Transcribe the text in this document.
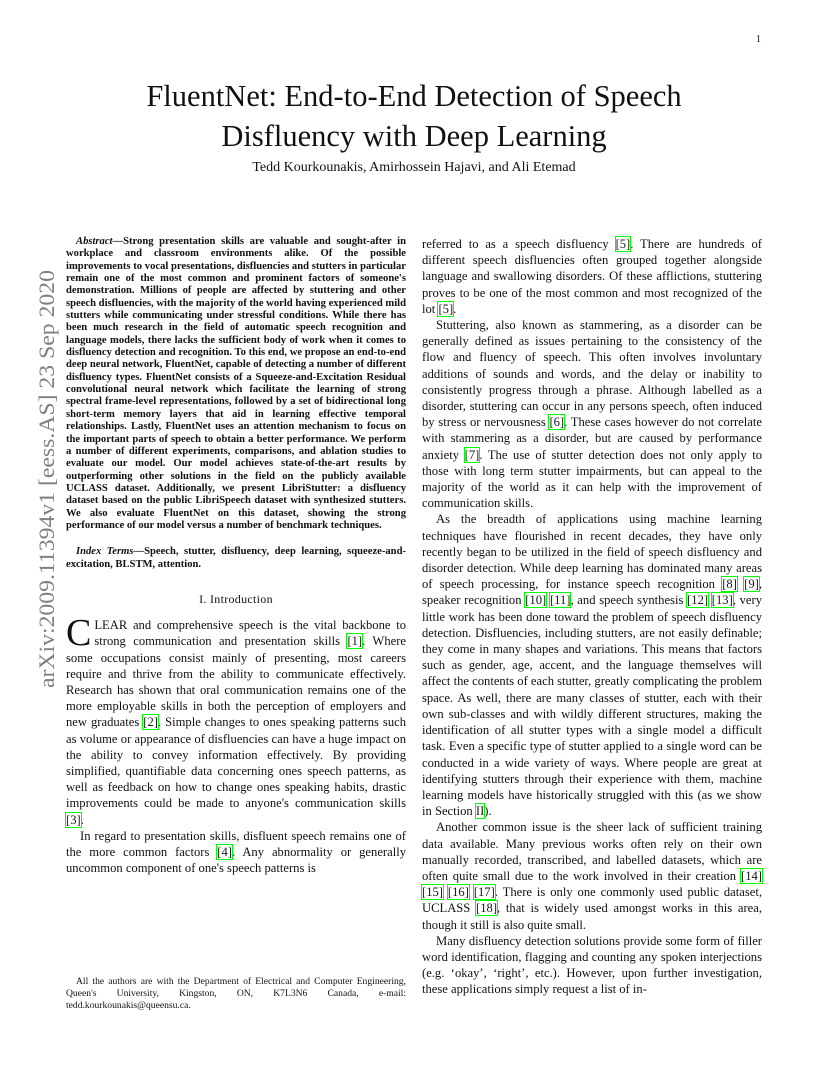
1
arXiv:2009.11394v1 [eess.AS] 23 Sep 2020
FluentNet: End-to-End Detection of Speech
Disfluency with Deep Learning
Tedd Kourkounakis, Amirhossein Hajavi, and Ali Etemad

Abstract—Strong presentation skills are valuable and sought-after in workplace and classroom environments alike. Of the possible improvements to vocal presentations, disfluencies and stutters in particular remain one of the most common and prominent factors of someone's demonstration. Millions of people are affected by stuttering and other speech disfluencies, with the majority of the world having experienced mild stutters while communicating under stressful conditions. While there has been much research in the field of automatic speech recognition and language models, there lacks the sufficient body of work when it comes to disfluency detection and recognition. To this end, we propose an end-to-end deep neural network, FluentNet, capable of detecting a number of different disfluency types. FluentNet consists of a Squeeze-and-Excitation Residual convolutional neural network which facilitate the learning of strong spectral frame-level representations, followed by a set of bidirectional long short-term memory layers that aid in learning effective temporal relationships. Lastly, FluentNet uses an attention mechanism to focus on the important parts of speech to obtain a better performance. We perform a number of different experiments, comparisons, and ablation studies to evaluate our model. Our model achieves state-of-the-art results by outperforming other solutions in the field on the publicly available UCLASS dataset. Additionally, we present LibriStutter: a disfluency dataset based on the public LibriSpeech dataset with synthesized stutters. We also evaluate FluentNet on this dataset, showing the strong performance of our model versus a number of benchmark techniques.

Index Terms—Speech, stutter, disfluency, deep learning, squeeze-and-excitation, BLSTM, attention.

I. Introduction

CLEAR and comprehensive speech is the vital backbone to strong communication and presentation skills [1]. Where some occupations consist mainly of presenting, most careers require and thrive from the ability to communicate effectively. Research has shown that oral communication remains one of the more employable skills in both the perception of employers and new graduates [2]. Simple changes to ones speaking patterns such as volume or appearance of disfluencies can have a huge impact on the ability to convey information effectively. By providing simplified, quantifiable data concerning ones speech patterns, as well as feedback on how to change ones speaking habits, drastic improvements could be made to anyone's communication skills [3].

In regard to presentation skills, disfluent speech remains one of the more common factors [4]. Any abnormality or generally uncommon component of one's speech patterns is

All the authors are with the Department of Electrical and Computer Engineering, Queen's University, Kingston, ON, K7L3N6 Canada, e-mail: tedd.kourkounakis@queensu.ca.

referred to as a speech disfluency [5]. There are hundreds of different speech disfluencies often grouped together alongside language and swallowing disorders. Of these afflictions, stuttering proves to be one of the most common and most recognized of the lot [5].

Stuttering, also known as stammering, as a disorder can be generally defined as issues pertaining to the consistency of the flow and fluency of speech. This often involves involuntary additions of sounds and words, and the delay or inability to consistently progress through a phrase. Although labelled as a disorder, stuttering can occur in any persons speech, often induced by stress or nervousness [6]. These cases however do not correlate with stammering as a disorder, but are caused by performance anxiety [7]. The use of stutter detection does not only apply to those with long term stutter impairments, but can appeal to the majority of the world as it can help with the improvement of communication skills.

As the breadth of applications using machine learning techniques have flourished in recent decades, they have only recently began to be utilized in the field of speech disfluency and disorder detection. While deep learning has dominated many areas of speech processing, for instance speech recognition [8] [9], speaker recognition [10] [11], and speech synthesis [12] [13], very little work has been done toward the problem of speech disfluency detection. Disfluencies, including stutters, are not easily definable; they come in many shapes and variations. This means that factors such as gender, age, accent, and the language themselves will affect the contents of each stutter, greatly complicating the problem space. As well, there are many classes of stutter, each with their own sub-classes and with wildly different structures, making the identification of all stutter types with a single model a difficult task. Even a specific type of stutter applied to a single word can be conducted in a wide variety of ways. Where people are great at identifying stutters through their experience with them, machine learning models have historically struggled with this (as we show in Section II).

Another common issue is the sheer lack of sufficient training data available. Many previous works often rely on their own manually recorded, transcribed, and labelled datasets, which are often quite small due to the work involved in their creation [14] [15] [16] [17]. There is only one commonly used public dataset, UCLASS [18], that is widely used amongst works in this area, though it still is also quite small.

Many disfluency detection solutions provide some form of filler word identification, flagging and counting any spoken interjections (e.g. ‘okay’, ‘right’, etc.). However, upon further investigation, these applications simply request a list of in-
